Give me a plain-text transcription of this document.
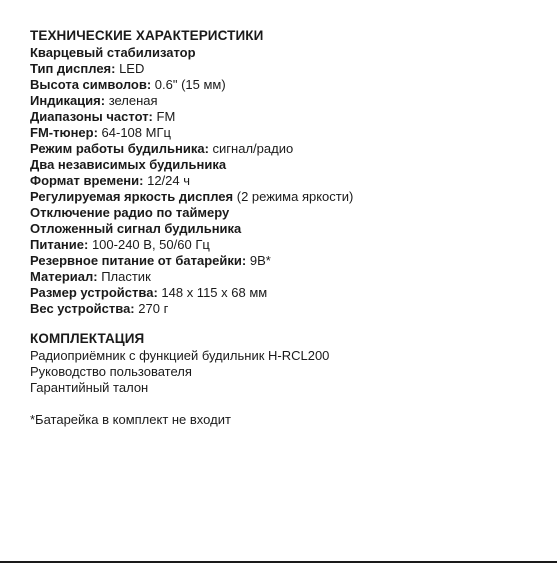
ТЕХНИЧЕСКИЕ ХАРАКТЕРИСТИКИ
Кварцевый стабилизатор
Тип дисплея: LED
Высота символов: 0.6" (15 мм)
Индикация: зеленая
Диапазоны частот: FM
FM-тюнер: 64-108 МГц
Режим работы будильника: сигнал/радио
Два независимых будильника
Формат времени: 12/24 ч
Регулируемая яркость дисплея (2 режима яркости)
Отключение радио по таймеру
Отложенный сигнал будильника
Питание: 100-240 В, 50/60 Гц
Резервное питание от батарейки: 9В*
Материал: Пластик
Размер устройства: 148 х 115 х 68 мм
Вес устройства: 270 г
КОМПЛЕКТАЦИЯ
Радиоприёмник с функцией будильник H-RCL200
Руководство пользователя
Гарантийный талон
*Батарейка в комплект не входит
